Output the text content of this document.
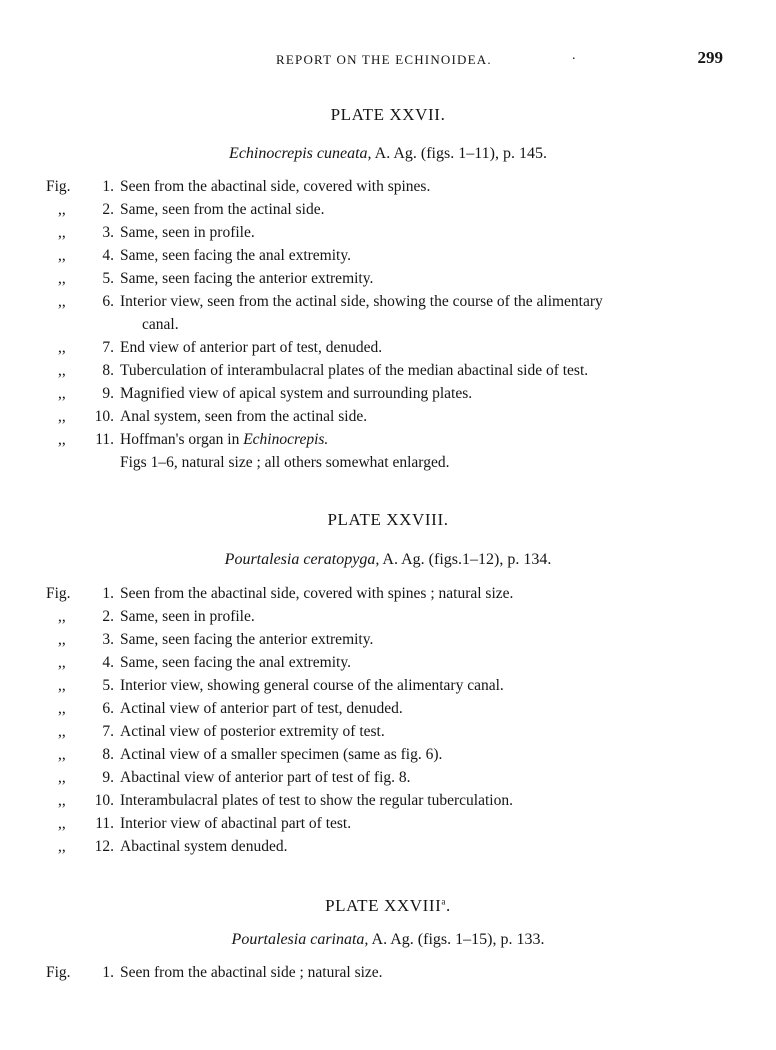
REPORT ON THE ECHINOIDEA.	.	299
PLATE XXVII.
Echinocrepis cuneata, A. Ag. (figs. 1–11), p. 145.
Fig.	1. Seen from the abactinal side, covered with spines.
,,	2. Same, seen from the actinal side.
,,	3. Same, seen in profile.
,,	4. Same, seen facing the anal extremity.
,,	5. Same, seen facing the anterior extremity.
,,	6. Interior view, seen from the actinal side, showing the course of the alimentary
canal.
,,	7. End view of anterior part of test, denuded.
,,	8. Tuberculation of interambulacral plates of the median abactinal side of test.
,,	9. Magnified view of apical system and surrounding plates.
,,	10. Anal system, seen from the actinal side.
,,	11. Hoffman's organ in Echinocrepis.
Figs 1–6, natural size ; all others somewhat enlarged.
PLATE XXVIII.
Pourtalesia ceratopyga, A. Ag. (figs.1–12), p. 134.
Fig.	1. Seen from the abactinal side, covered with spines ; natural size.
,,	2. Same, seen in profile.
,,	3. Same, seen facing the anterior extremity.
,,	4. Same, seen facing the anal extremity.
,,	5. Interior view, showing general course of the alimentary canal.
,,	6. Actinal view of anterior part of test, denuded.
,,	7. Actinal view of posterior extremity of test.
,,	8. Actinal view of a smaller specimen (same as fig. 6).
,,	9. Abactinal view of anterior part of test of fig. 8.
,,	10. Interambulacral plates of test to show the regular tuberculation.
,,	11. Interior view of abactinal part of test.
,,	12. Abactinal system denuded.
PLATE XXVIII$^a$.
Pourtalesia carinata, A. Ag. (figs. 1–15), p. 133.
Fig.	1. Seen from the abactinal side ; natural size.
